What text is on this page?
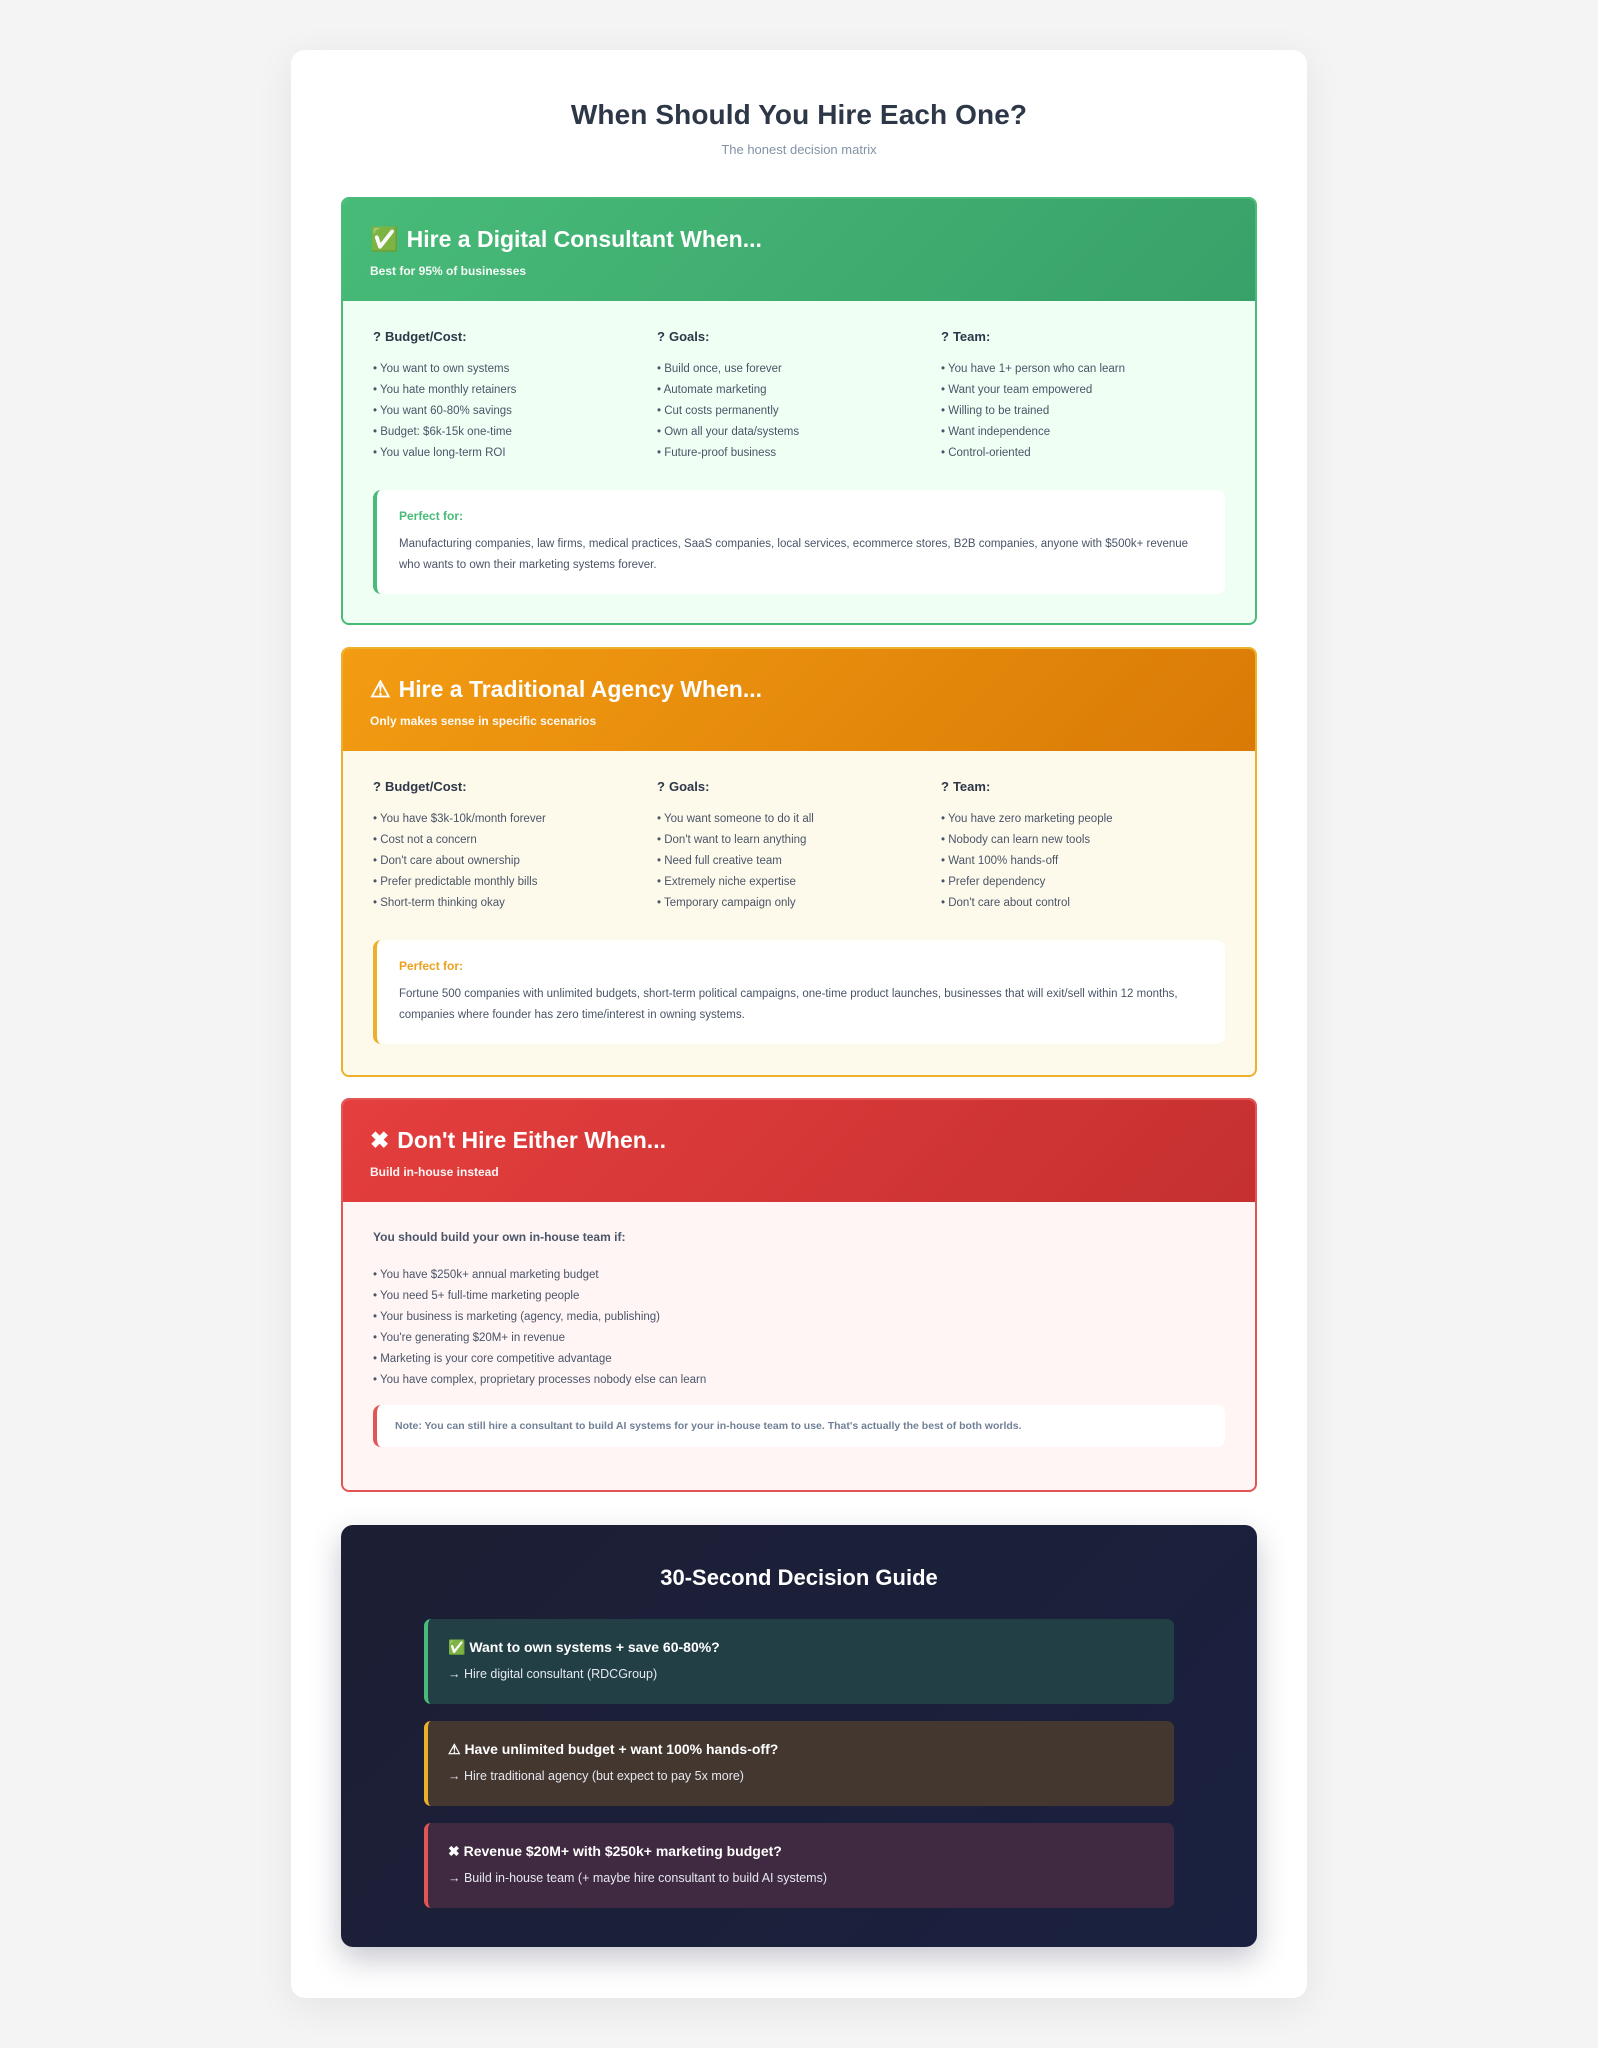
When Should You Hire Each One?

The honest decision matrix

✅ Hire a Digital Consultant When...
Best for 95% of businesses
? Budget/Cost:
• You want to own systems
• You hate monthly retainers
• You want 60-80% savings
• Budget: $6k-15k one-time
• You value long-term ROI
? Goals:
• Build once, use forever
• Automate marketing
• Cut costs permanently
• Own all your data/systems
• Future-proof business
? Team:
• You have 1+ person who can learn
• Want your team empowered
• Willing to be trained
• Want independence
• Control-oriented
Perfect for:
Manufacturing companies, law firms, medical practices, SaaS companies, local services, ecommerce stores, B2B companies, anyone with $500k+ revenue who wants to own their marketing systems forever.
⚠ Hire a Traditional Agency When...
Only makes sense in specific scenarios
? Budget/Cost:
• You have $3k-10k/month forever
• Cost not a concern
• Don't care about ownership
• Prefer predictable monthly bills
• Short-term thinking okay
? Goals:
• You want someone to do it all
• Don't want to learn anything
• Need full creative team
• Extremely niche expertise
• Temporary campaign only
? Team:
• You have zero marketing people
• Nobody can learn new tools
• Want 100% hands-off
• Prefer dependency
• Don't care about control
Perfect for:
Fortune 500 companies with unlimited budgets, short-term political campaigns, one-time product launches, businesses that will exit/sell within 12 months, companies where founder has zero time/interest in owning systems.
✖ Don't Hire Either When...
Build in-house instead
You should build your own in-house team if:
• You have $250k+ annual marketing budget
• You need 5+ full-time marketing people
• Your business is marketing (agency, media, publishing)
• You're generating $20M+ in revenue
• Marketing is your core competitive advantage
• You have complex, proprietary processes nobody else can learn
Note: You can still hire a consultant to build AI systems for your in-house team to use. That's actually the best of both worlds.
30-Second Decision Guide
✅ Want to own systems + save 60-80%?
→ Hire digital consultant (RDCGroup)
⚠ Have unlimited budget + want 100% hands-off?
→ Hire traditional agency (but expect to pay 5x more)
✖ Revenue $20M+ with $250k+ marketing budget?
→ Build in-house team (+ maybe hire consultant to build AI systems)
